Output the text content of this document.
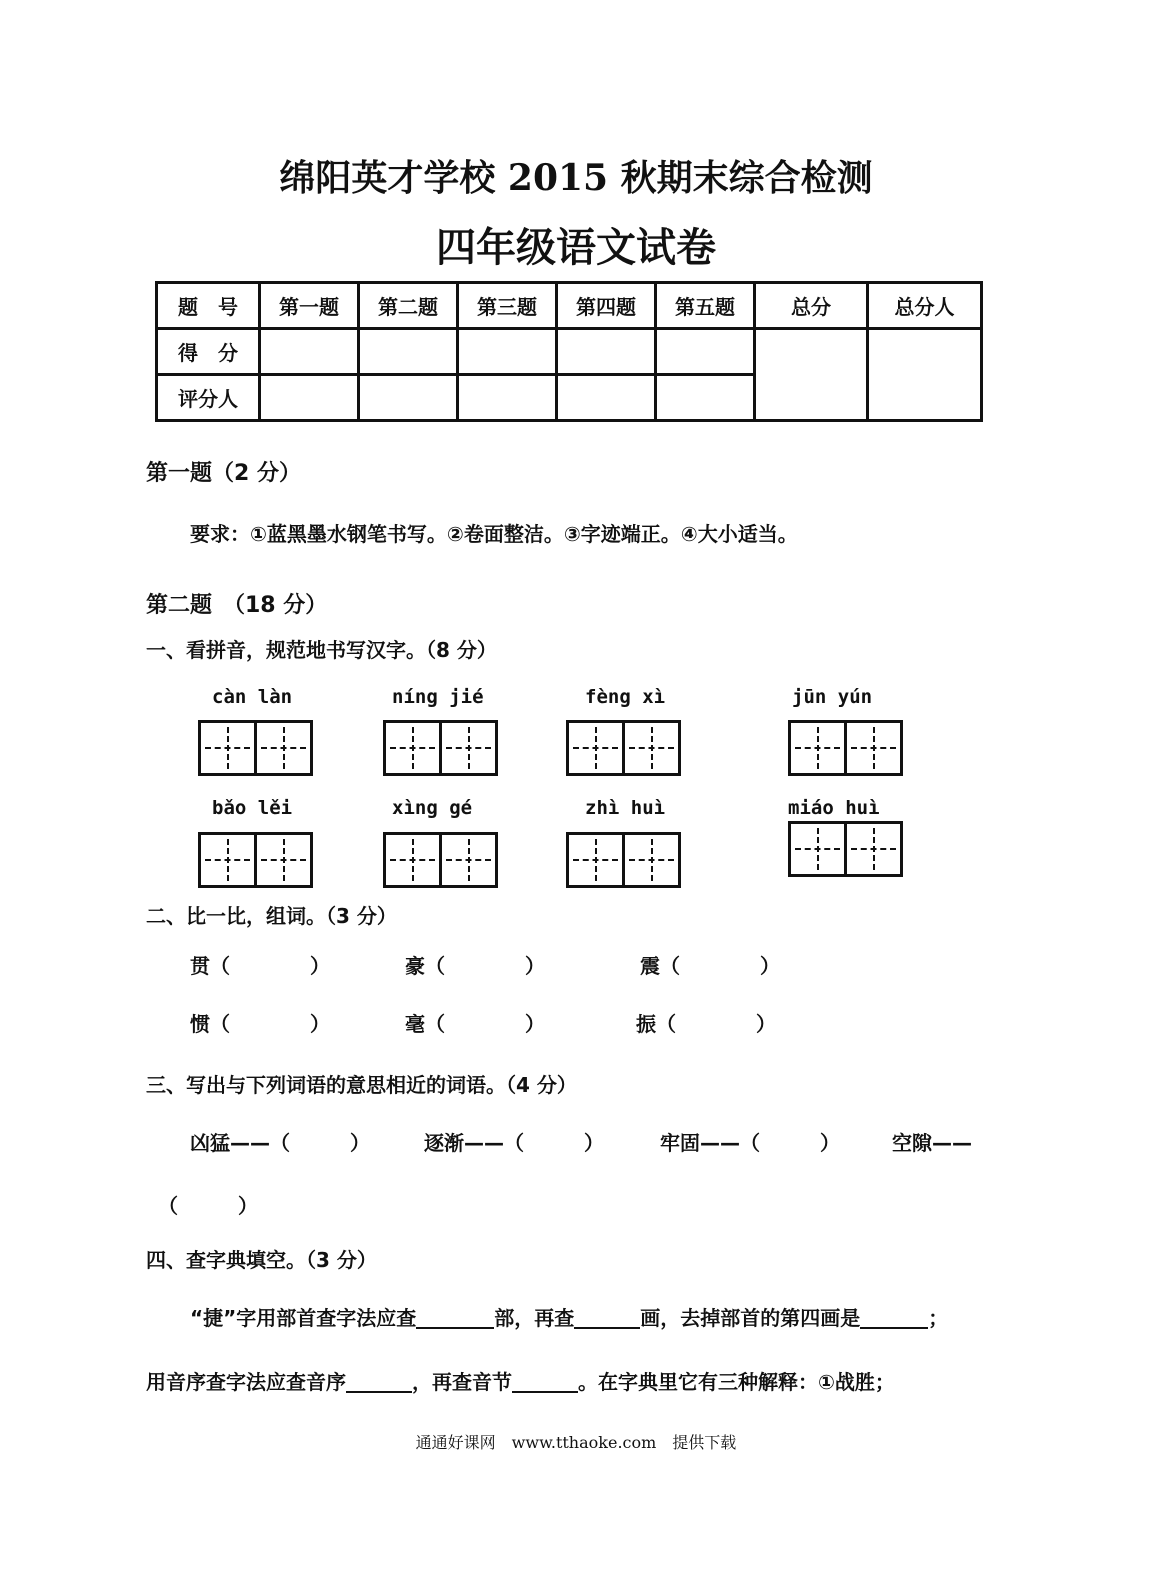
绵阳英才学校 2015 秋期末综合检测
四年级语文试卷
题　号	第一题	第二题	第三题	第四题	第五题	总分	总分人
得　分							
评分人							
第一题（2 分）
要求：①蓝黑墨水钢笔书写。②卷面整洁。③字迹端正。④大小适当。
第二题　（18 分）
一、看拼音，规范地书写汉字。（8 分）
càn làn	níng jié	fèng xì	jūn yún
bǎo lěi	xìng gé	zhì huì	miáo huì
二、比一比，组词。（3 分）
贯（　　　　）	豪（　　　　）	震（　　　　）
惯（　　　　）	毫（　　　　）	振（　　　　）
三、写出与下列词语的意思相近的词语。（4 分）
凶猛——（　　　）	逐渐——（　　　）	牢固——（　　　）	空隙——
（　　　）
四、查字典填空。（3 分）
“捷”字用部首查字法应查	部，再查	画，去掉部首的第四画是	；
用音序查字法应查音序	，再查音节	。在字典里它有三种解释：①战胜；
通通好课网　www.tthaoke.com　提供下载
